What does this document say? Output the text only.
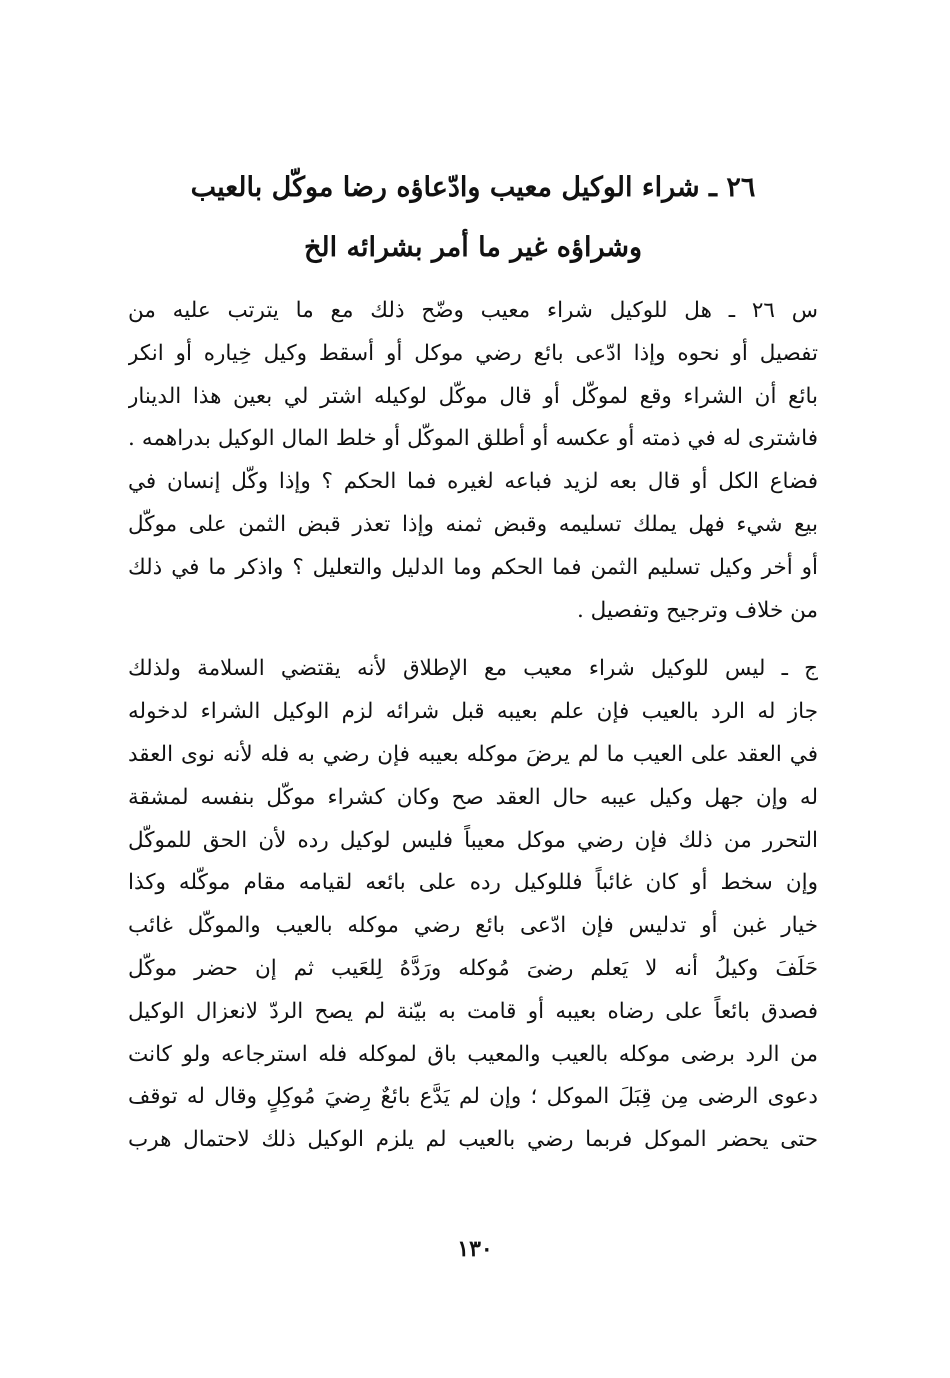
٢٦ ـ شراء الوكيل معيب وادّعاؤه رضا موكّل بالعيب
وشراؤه غير ما أمر بشرائه الخ
س ٢٦ ـ هل للوكيل شراء معيب وضّح ذلك مع ما يترتب عليه من
تفصيل أو نحوه وإذا ادّعى بائع رضي موكل أو أسقط وكيل خِياره أو انكر
بائع أن الشراء وقع لموكّل أو قال موكّل لوكيله اشتر لي بعين هذا الدينار
فاشترى له في ذمته أو عكسه أو أطلق الموكّل أو خلط المال الوكيل بدراهمه .
فضاع الكل أو قال بعه لزيد فباعه لغيره فما الحكم ؟ وإذا وكّل إنسان في
بيع شيء فهل يملك تسليمه وقبض ثمنه وإذا تعذر قبض الثمن على موكّل
أو أخر وكيل تسليم الثمن فما الحكم وما الدليل والتعليل ؟ واذكر ما في ذلك
من خلاف وترجيح وتفصيل .
ج ـ ليس للوكيل شراء معيب مع الإطلاق لأنه يقتضي السلامة ولذلك
جاز له الرد بالعيب فإن علم بعيبه قبل شرائه لزم الوكيل الشراء لدخوله
في العقد على العيب ما لم يرضَ موكله بعيبه فإن رضي به فله لأنه نوى العقد
له وإن جهل وكيل عيبه حال العقد صح وكان كشراء موكّل بنفسه لمشقة
التحرر من ذلك فإن رضي موكل معيباً فليس لوكيل رده لأن الحق للموكّل
وإن سخط أو كان غائباً فللوكيل رده على بائعه لقيامه مقام موكّله وكذا
خيار غبن أو تدليس فإن ادّعى بائع رضي موكله بالعيب والموكّل غائب
حَلَفَ وكيلُ أنه لا يَعلم رضىَ مُوكله ورَدَّهُ لِلعَيب ثم إن حضر موكّل
فصدق بائعاً على رضاه بعيبه أو قامت به بيّنة لم يصح الردّ لانعزال الوكيل
من الرد برضى موكله بالعيب والمعيب باق لموكله فله استرجاعه ولو كانت
دعوى الرضى مِن قِبَلَ الموكل ؛ وإن لم يَدَّع بائعٌ رِضيَ مُوكِلٍ وقال له توقف
حتى يحضر الموكل فربما رضي بالعيب لم يلزم الوكيل ذلك لاحتمال هرب
١٣٠
